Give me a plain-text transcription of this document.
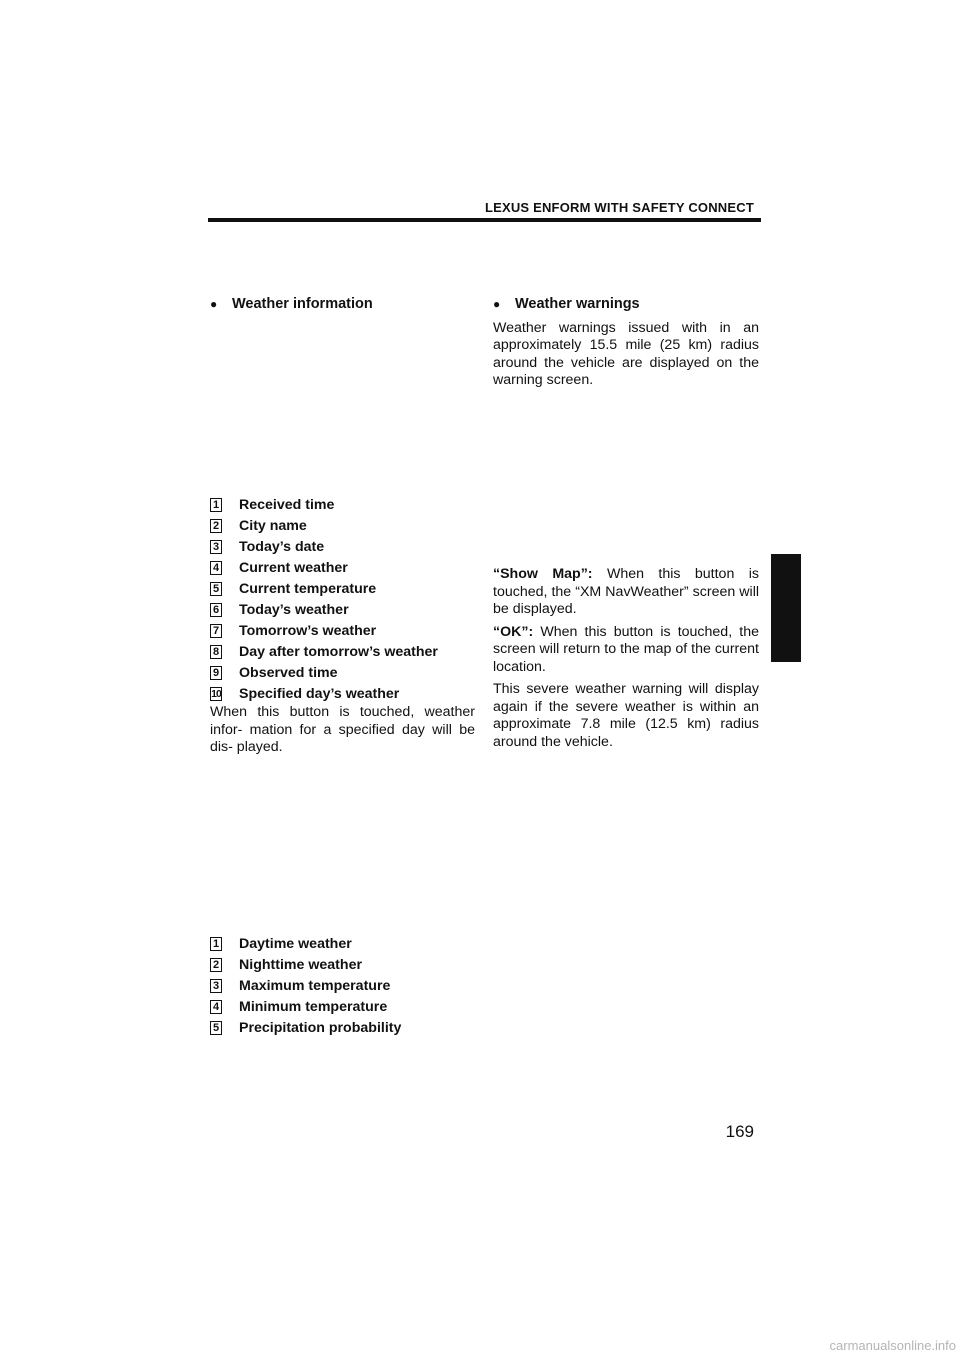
LEXUS ENFORM WITH SAFETY CONNECT
●	Weather information
1 Received time
2 City name
3 Today’s date
4 Current weather
5 Current temperature
6 Today’s weather
7 Tomorrow’s weather
8 Day after tomorrow’s weather
9 Observed time
10 Specified day’s weather
When this button is touched, weather infor- mation for a specified day will be dis- played.
1 Daytime weather
2 Nighttime weather
3 Maximum temperature
4 Minimum temperature
5 Precipitation probability
●	Weather warnings

Weather warnings issued with in an approximately 15.5 mile (25 km) radius around the vehicle are displayed on the warning screen.

“Show Map”: When this button is touched, the “XM NavWeather” screen will be displayed.

“OK”: When this button is touched, the screen will return to the map of the current location.

This severe weather warning will display again if the severe weather is within an approximate 7.8 mile (12.5 km) radius around the vehicle.

169
carmanualsonline.info
